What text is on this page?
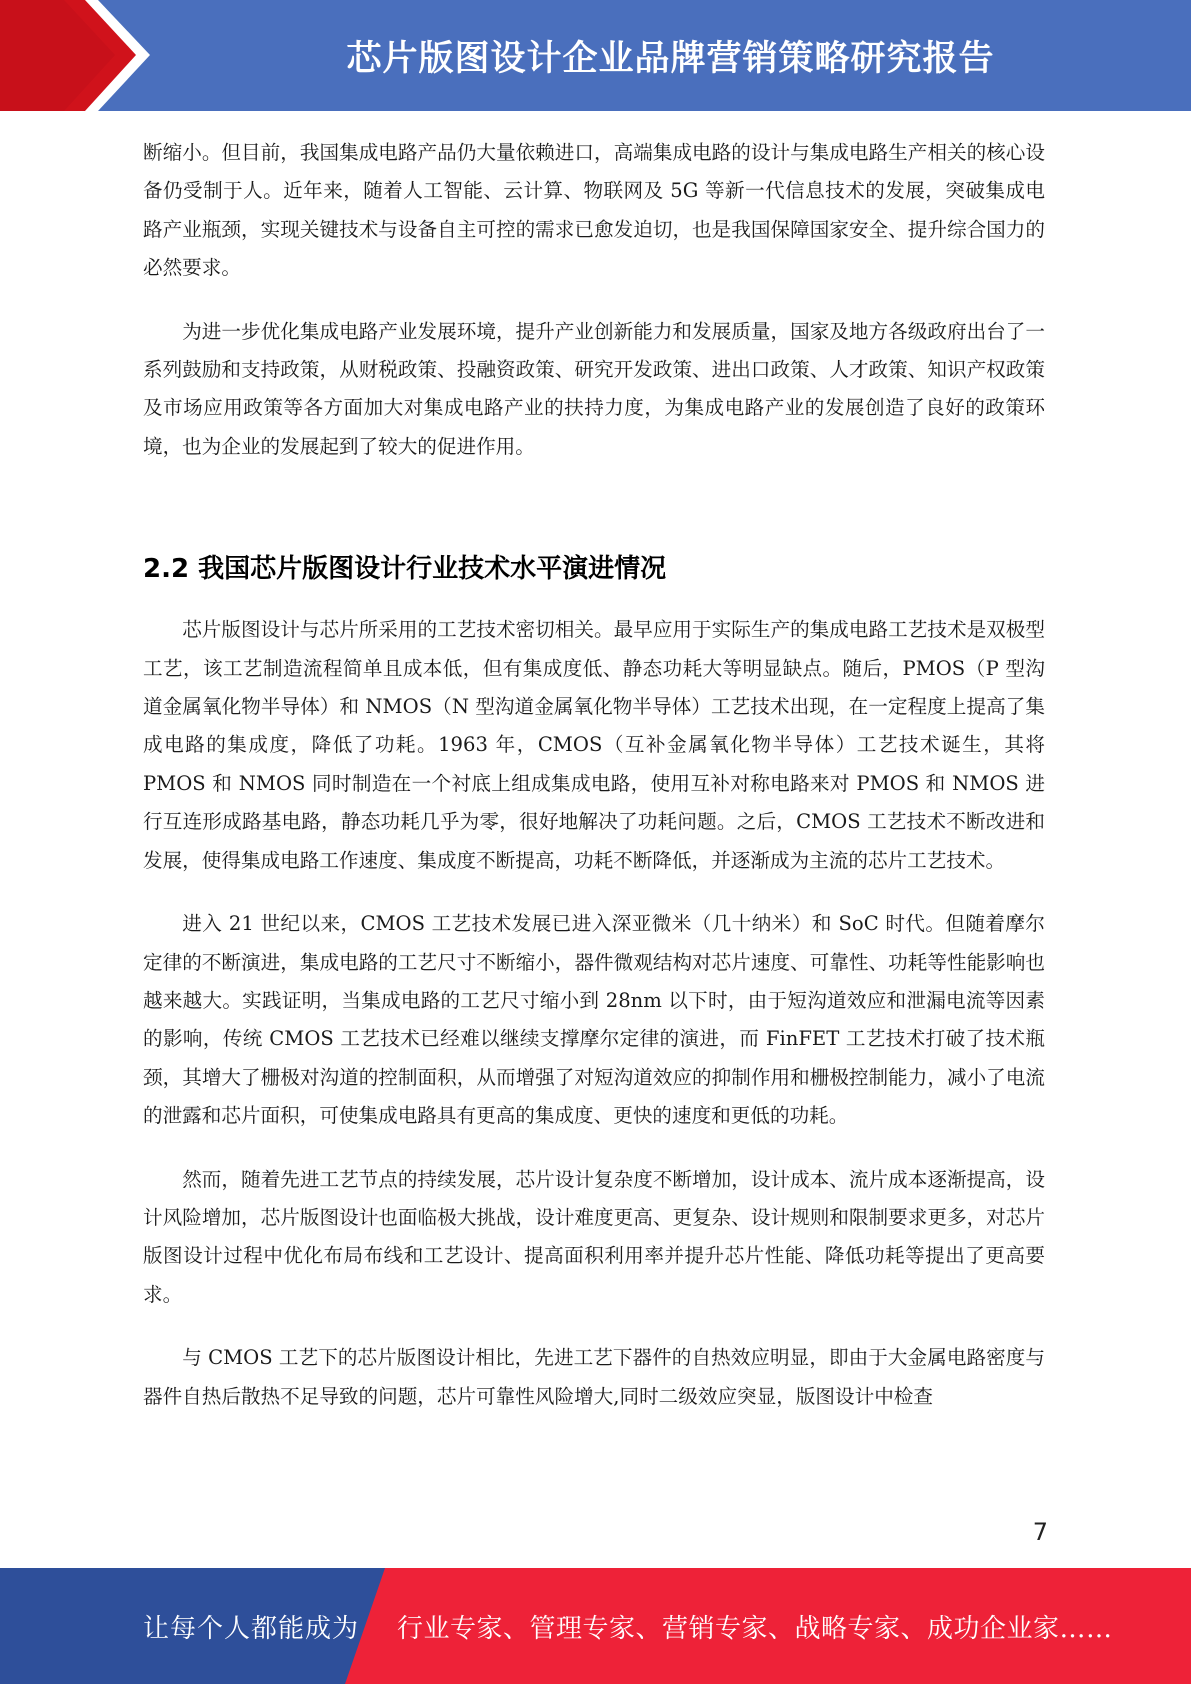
芯片版图设计企业品牌营销策略研究报告

断缩小。但目前，我国集成电路产品仍大量依赖进口，高端集成电路的设计与集成电路生产相关的核心设备仍受制于人。近年来，随着人工智能、云计算、物联网及 5G 等新一代信息技术的发展，突破集成电路产业瓶颈，实现关键技术与设备自主可控的需求已愈发迫切，也是我国保障国家安全、提升综合国力的必然要求。

为进一步优化集成电路产业发展环境，提升产业创新能力和发展质量，国家及地方各级政府出台了一系列鼓励和支持政策，从财税政策、投融资政策、研究开发政策、进出口政策、人才政策、知识产权政策及市场应用政策等各方面加大对集成电路产业的扶持力度，为集成电路产业的发展创造了良好的政策环境，也为企业的发展起到了较大的促进作用。

2.2 我国芯片版图设计行业技术水平演进情况

芯片版图设计与芯片所采用的工艺技术密切相关。最早应用于实际生产的集成电路工艺技术是双极型工艺，该工艺制造流程简单且成本低，但有集成度低、静态功耗大等明显缺点。随后，PMOS（P 型沟道金属氧化物半导体）和 NMOS（N 型沟道金属氧化物半导体）工艺技术出现，在一定程度上提高了集成电路的集成度，降低了功耗。1963 年，CMOS（互补金属氧化物半导体）工艺技术诞生，其将 PMOS 和 NMOS 同时制造在一个衬底上组成集成电路，使用互补对称电路来对 PMOS 和 NMOS 进行互连形成路基电路，静态功耗几乎为零，很好地解决了功耗问题。之后，CMOS 工艺技术不断改进和发展，使得集成电路工作速度、集成度不断提高，功耗不断降低，并逐渐成为主流的芯片工艺技术。

进入 21 世纪以来，CMOS 工艺技术发展已进入深亚微米（几十纳米）和 SoC 时代。但随着摩尔定律的不断演进，集成电路的工艺尺寸不断缩小，器件微观结构对芯片速度、可靠性、功耗等性能影响也越来越大。实践证明，当集成电路的工艺尺寸缩小到 28nm 以下时，由于短沟道效应和泄漏电流等因素的影响，传统 CMOS 工艺技术已经难以继续支撑摩尔定律的演进，而 FinFET 工艺技术打破了技术瓶颈，其增大了栅极对沟道的控制面积，从而增强了对短沟道效应的抑制作用和栅极控制能力，减小了电流的泄露和芯片面积，可使集成电路具有更高的集成度、更快的速度和更低的功耗。

然而，随着先进工艺节点的持续发展，芯片设计复杂度不断增加，设计成本、流片成本逐渐提高，设计风险增加，芯片版图设计也面临极大挑战，设计难度更高、更复杂、设计规则和限制要求更多，对芯片版图设计过程中优化布局布线和工艺设计、提高面积利用率并提升芯片性能、降低功耗等提出了更高要求。

与 CMOS 工艺下的芯片版图设计相比，先进工艺下器件的自热效应明显，即由于大金属电路密度与器件自热后散热不足导致的问题，芯片可靠性风险增大,同时二级效应突显，版图设计中检查

7
让每个人都能成为 行业专家、管理专家、营销专家、战略专家、成功企业家……
